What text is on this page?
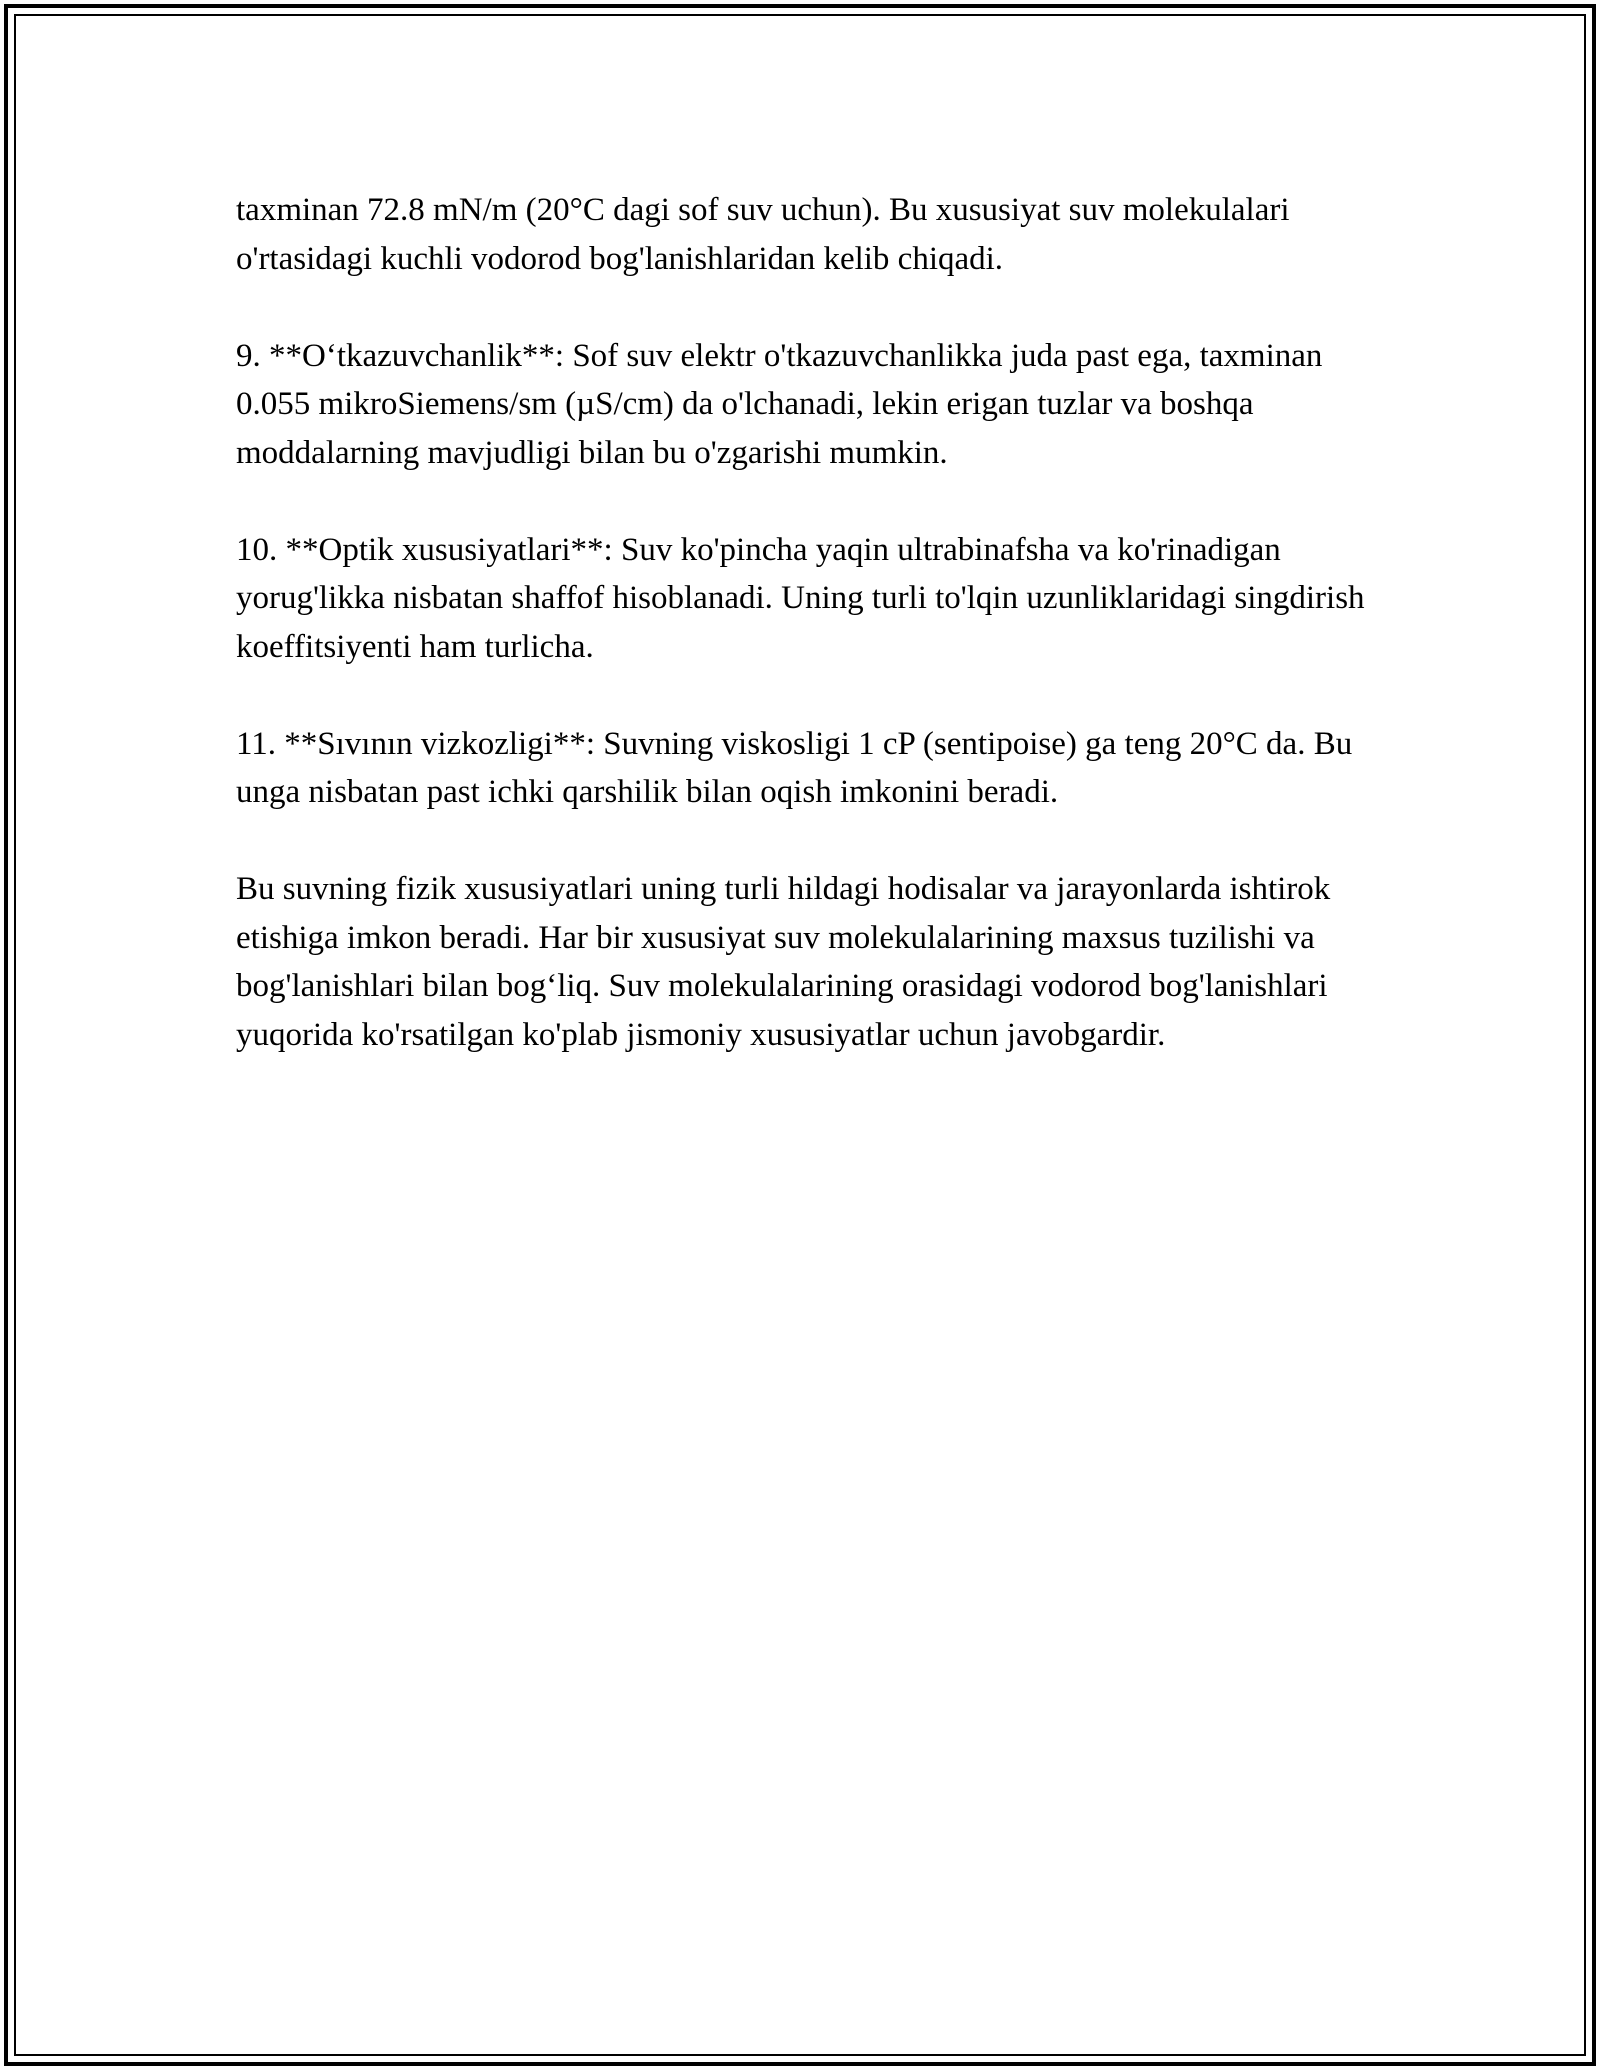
taxminan 72.8 mN/m (20°C dagi sof suv uchun). Bu xususiyat suv molekulalari o'rtasidagi kuchli vodorod bog'lanishlaridan kelib chiqadi.

9. **O‘tkazuvchanlik**: Sof suv elektr o'tkazuvchanlikka juda past ega, taxminan 0.055 mikroSiemens/sm (µS/cm) da o'lchanadi, lekin erigan tuzlar va boshqa moddalarning mavjudligi bilan bu o'zgarishi mumkin.

10. **Optik xususiyatlari**: Suv ko'pincha yaqin ultrabinafsha va ko'rinadigan yorug'likka nisbatan shaffof hisoblanadi. Uning turli to'lqin uzunliklaridagi singdirish koeffitsiyenti ham turlicha.

11. **Sıvının vizkozligi**: Suvning viskosligi 1 cP (sentipoise) ga teng 20°C da. Bu unga nisbatan past ichki qarshilik bilan oqish imkonini beradi.

Bu suvning fizik xususiyatlari uning turli hildagi hodisalar va jarayonlarda ishtirok etishiga imkon beradi. Har bir xususiyat suv molekulalarining maxsus tuzilishi va bog'lanishlari bilan bog‘liq. Suv molekulalarining orasidagi vodorod bog'lanishlari yuqorida ko'rsatilgan ko'plab jismoniy xususiyatlar uchun javobgardir.
